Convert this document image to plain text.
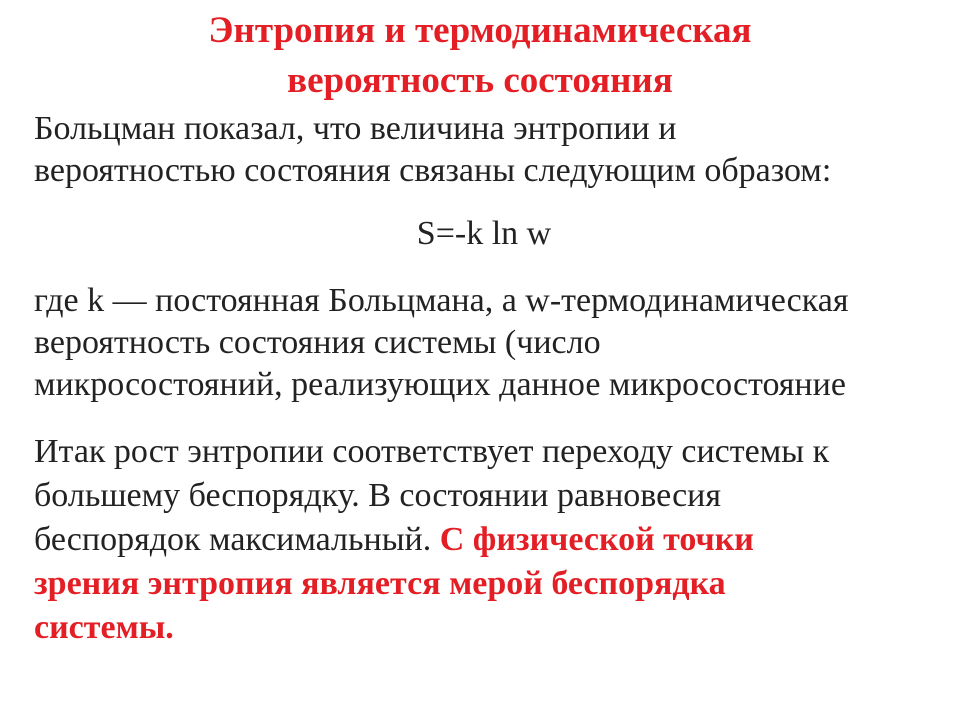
Энтропия и термодинамическая
вероятность состояния

Больцман показал, что величина энтропии и
вероятностью состояния связаны следующим образом:

S=-k ln w

где k — постоянная Больцмана, а w-термодинамическая
вероятность состояния системы (число
микросостояний, реализующих данное микросостояние

Итак рост энтропии соответствует переходу системы к
большему беспорядку. В состоянии равновесия
беспорядок максимальный. С физической точки
зрения энтропия является мерой беспорядка
системы.
